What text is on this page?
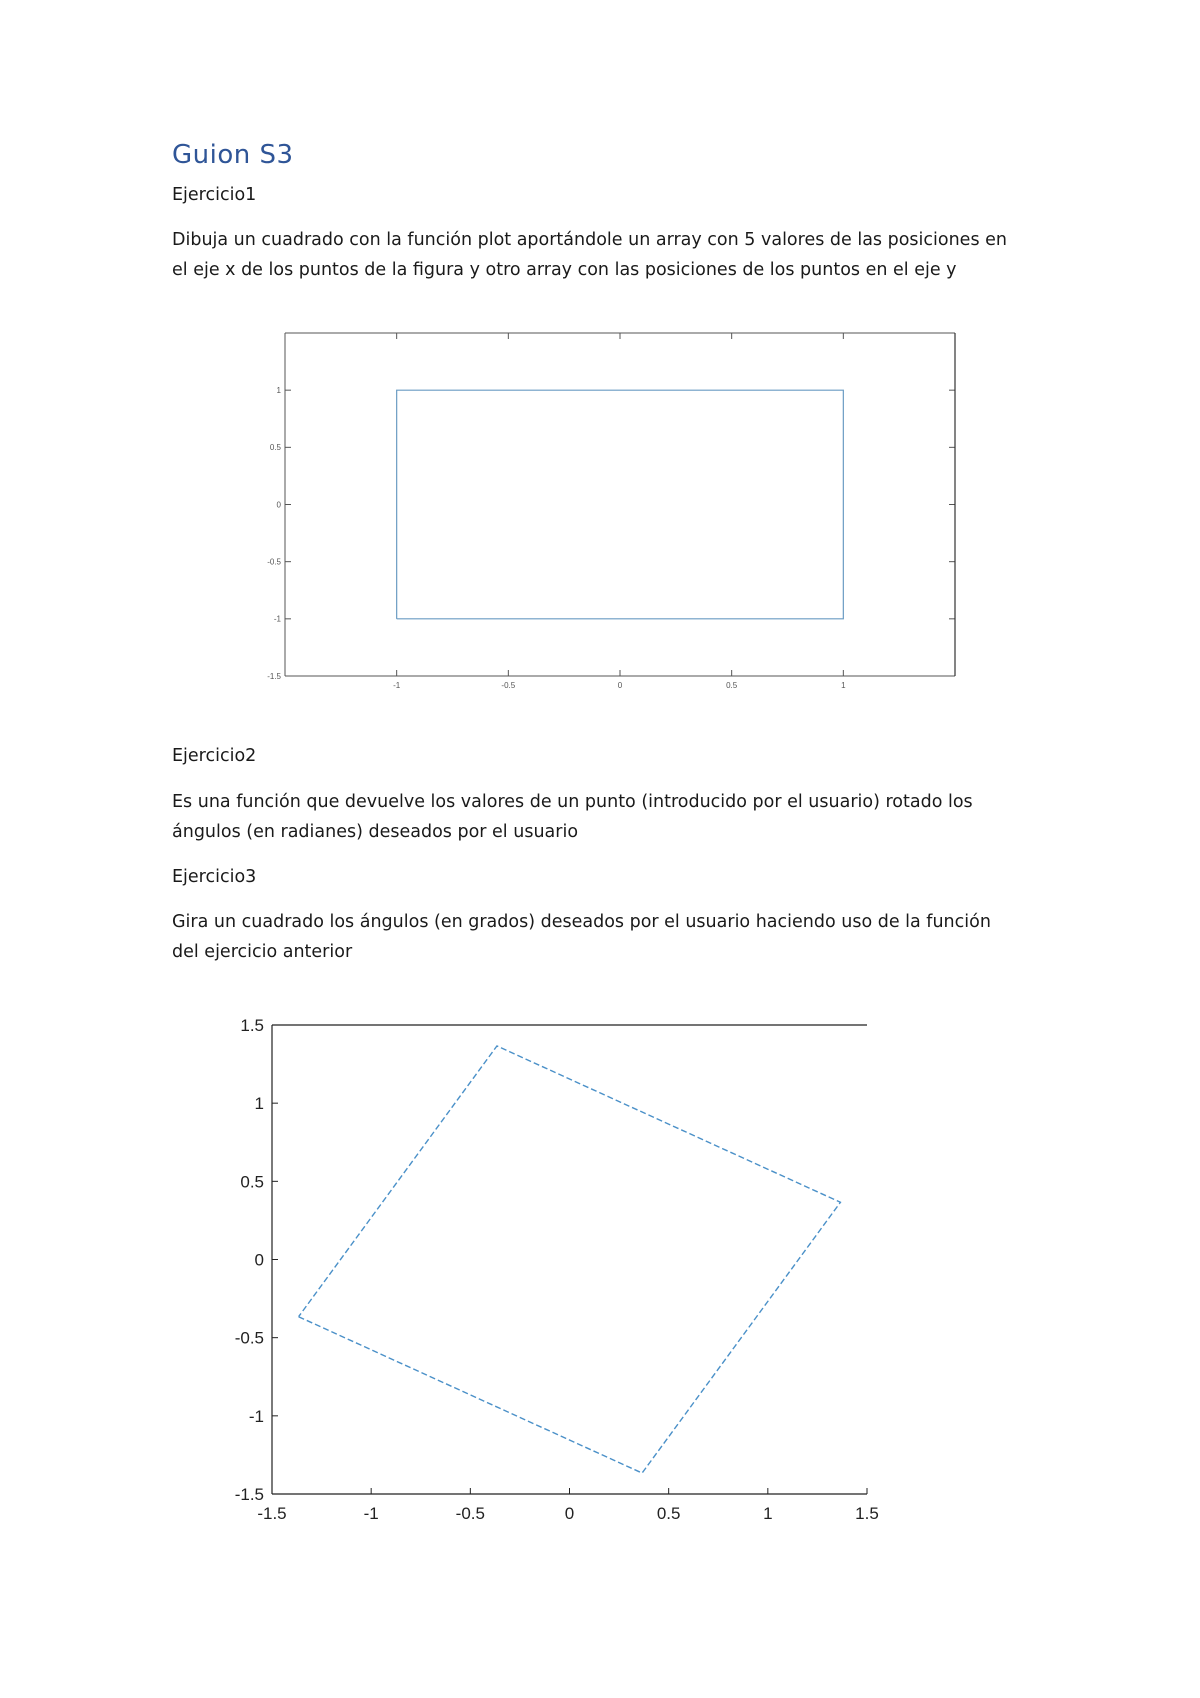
Guion S3

Ejercicio1

Dibuja un cuadrado con la función plot aportándole un array con 5 valores de las posiciones en

el eje x de los puntos de la figura y otro array con las posiciones de los puntos en el eje y

-1	-0.5	0	0.5	1
-1.5
-1
-0.5
0
0.5
1
-1.5	-1	-0.5	0	0.5	1	1.5
-1.5
-1
-0.5
0
0.5
1
1.5

Ejercicio2

Es una función que devuelve los valores de un punto (introducido por el usuario) rotado los

ángulos (en radianes) deseados por el usuario

Ejercicio3

Gira un cuadrado los ángulos (en grados) deseados por el usuario haciendo uso de la función

del ejercicio anterior
